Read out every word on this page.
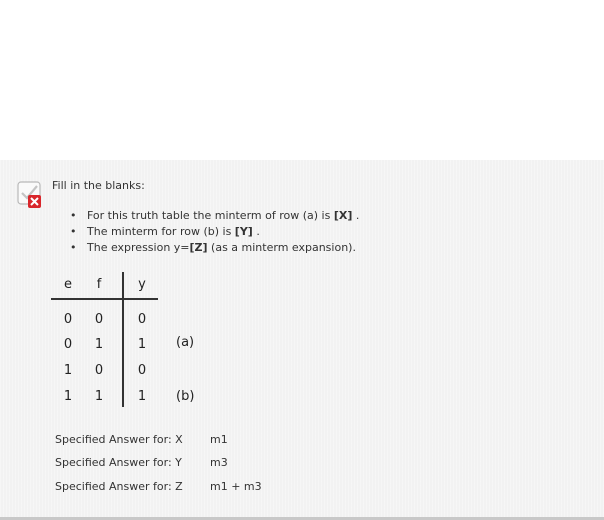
Fill in the blanks:
• For this truth table the minterm of row (a) is [X] .
• The minterm for row (b) is [Y] .
• The expression y=[Z] (as a minterm expansion).
e	f	y
0	0	0
0	1	1	(a)
1	0	0
1	1	1	(b)
Specified Answer for: X m1
Specified Answer for: Y	m3
Specified Answer for: Z m1 + m3
